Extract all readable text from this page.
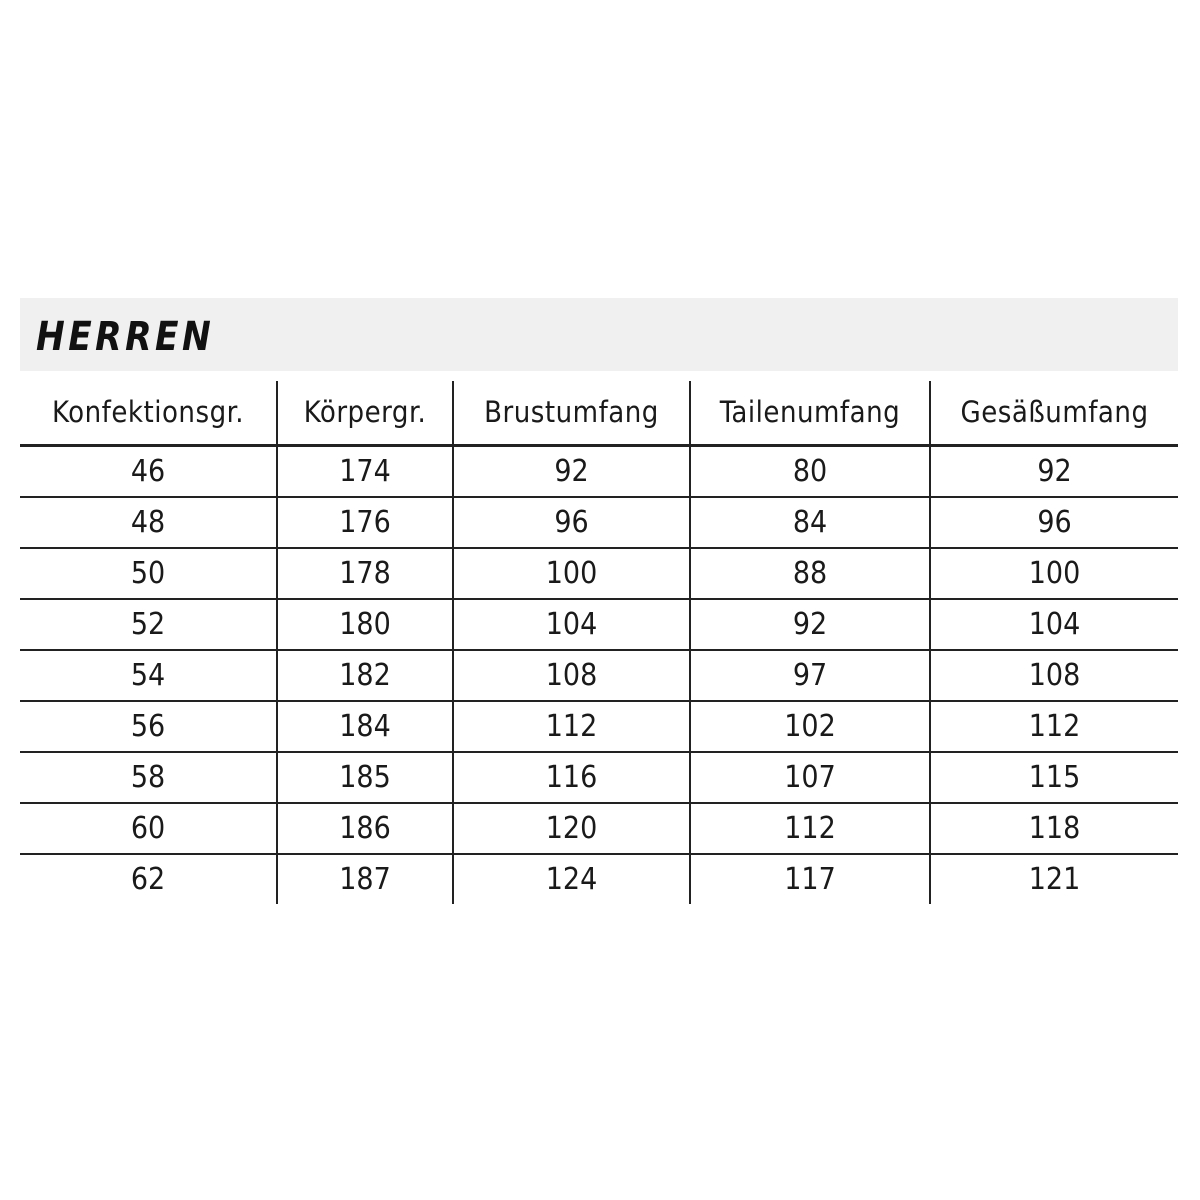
HERREN
Konfektionsgr.	Körpergr.	Brustumfang	Tailenumfang	Gesäßumfang
46	174	92	80	92
48	176	96	84	96
50	178	100	88	100
52	180	104	92	104
54	182	108	97	108
56	184	112	102	112
58	185	116	107	115
60	186	120	112	118
62	187	124	117	121
